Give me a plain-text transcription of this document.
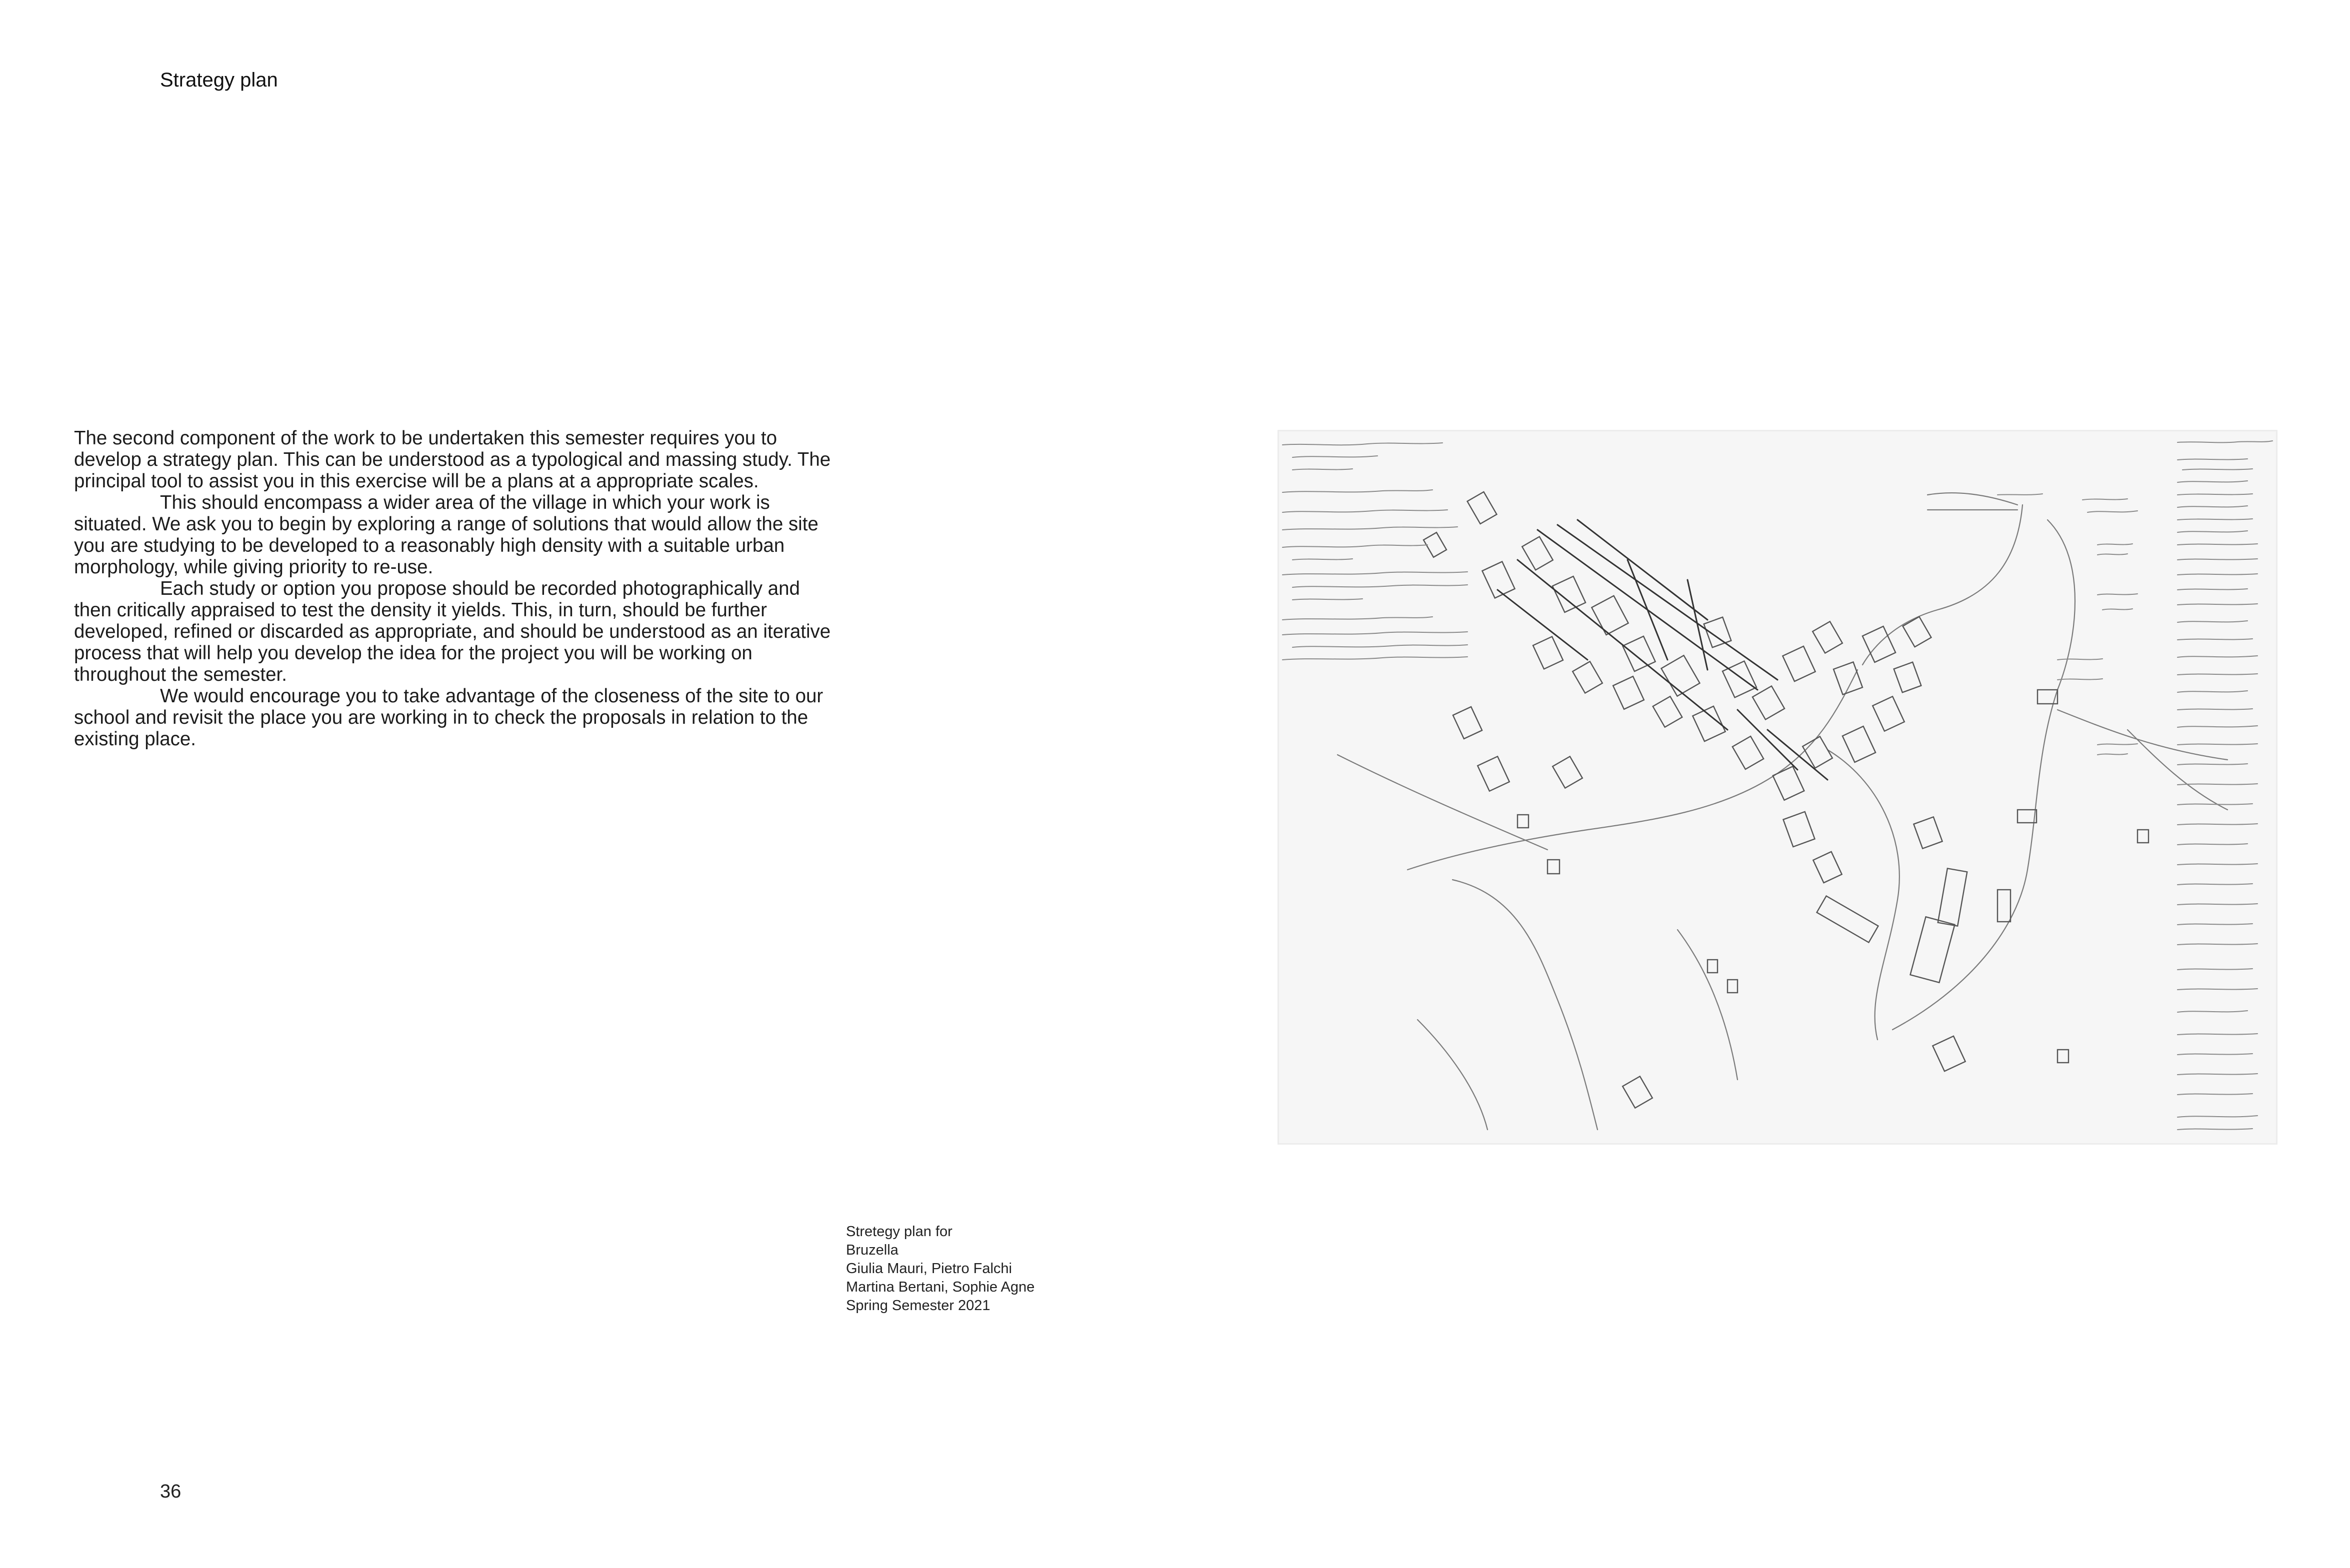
Strategy plan

The second component of the work to be undertaken this semester requires you to develop a strategy plan. This can be understood as a typological and massing study. The principal tool to assist you in this exercise will be a plans at a appropriate scales.

This should encompass a wider area of the village in which your work is situated. We ask you to begin by exploring a range of solutions that would allow the site you are studying to be developed to a reasonably high density with a suitable urban morphology, while giving priority to re-use.

Each study or option you propose should be recorded photographically and then critically appraised to test the density it yields. This, in turn, should be further developed, refined or discarded as appropriate, and should be understood as an iterative process that will help you develop the idea for the project you will be working on throughout the semester.

We would encourage you to take advantage of the closeness of the site to our school and revisit the place you are working in to check the proposals in relation to the existing place.

Stretegy plan for
Bruzella
Giulia Mauri, Pietro Falchi
Martina Bertani, Sophie Agne
Spring Semester 2021
36
